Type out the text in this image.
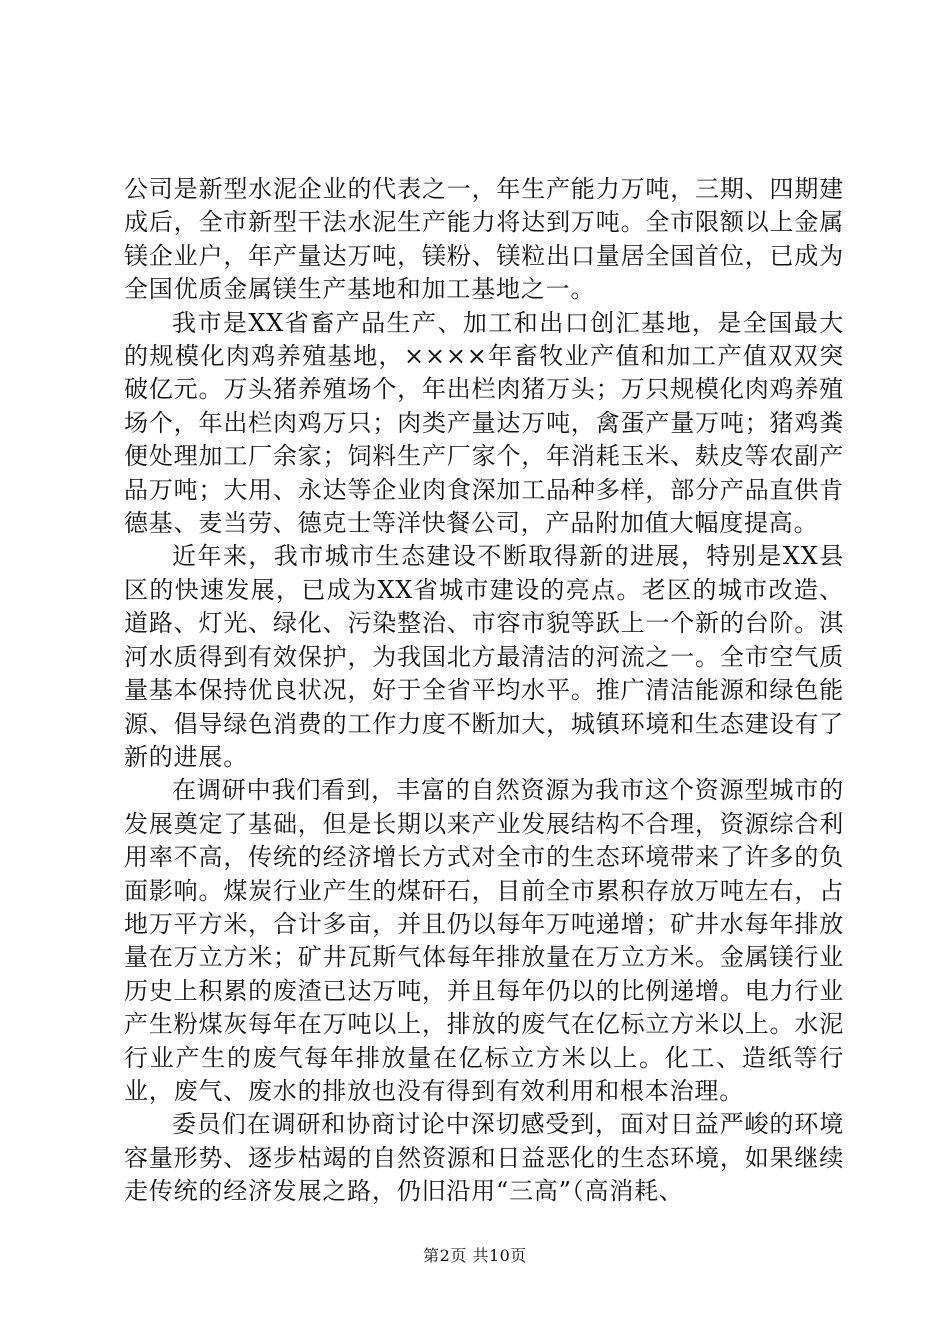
公司是新型水泥企业的代表之一，年生产能力万吨，三期、四期建成后，全市新型干法水泥生产能力将达到万吨。全市限额以上金属镁企业户，年产量达万吨，镁粉、镁粒出口量居全国首位，已成为全国优质金属镁生产基地和加工基地之一。

我市是XX省畜产品生产、加工和出口创汇基地，是全国最大的规模化肉鸡养殖基地，××××年畜牧业产值和加工产值双双突破亿元。万头猪养殖场个，年出栏肉猪万头；万只规模化肉鸡养殖场个，年出栏肉鸡万只；肉类产量达万吨，禽蛋产量万吨；猪鸡粪便处理加工厂余家；饲料生产厂家个，年消耗玉米、麸皮等农副产品万吨；大用、永达等企业肉食深加工品种多样，部分产品直供肯德基、麦当劳、德克士等洋快餐公司，产品附加值大幅度提高。

近年来，我市城市生态建设不断取得新的进展，特别是XX县区的快速发展，已成为XX省城市建设的亮点。老区的城市改造、道路、灯光、绿化、污染整治、市容市貌等跃上一个新的台阶。淇河水质得到有效保护，为我国北方最清洁的河流之一。全市空气质量基本保持优良状况，好于全省平均水平。推广清洁能源和绿色能源、倡导绿色消费的工作力度不断加大，城镇环境和生态建设有了新的进展。

在调研中我们看到，丰富的自然资源为我市这个资源型城市的发展奠定了基础，但是长期以来产业发展结构不合理，资源综合利用率不高，传统的经济增长方式对全市的生态环境带来了许多的负面影响。煤炭行业产生的煤矸石，目前全市累积存放万吨左右，占地万平方米，合计多亩，并且仍以每年万吨递增；矿井水每年排放量在万立方米；矿井瓦斯气体每年排放量在万立方米。金属镁行业历史上积累的废渣已达万吨，并且每年仍以的比例递增。电力行业产生粉煤灰每年在万吨以上，排放的废气在亿标立方米以上。水泥行业产生的废气每年排放量在亿标立方米以上。化工、造纸等行业，废气、废水的排放也没有得到有效利用和根本治理。

委员们在调研和协商讨论中深切感受到，面对日益严峻的环境容量形势、逐步枯竭的自然资源和日益恶化的生态环境，如果继续走传统的经济发展之路，仍旧沿用“三高”（高消耗、

第2页 共10页
